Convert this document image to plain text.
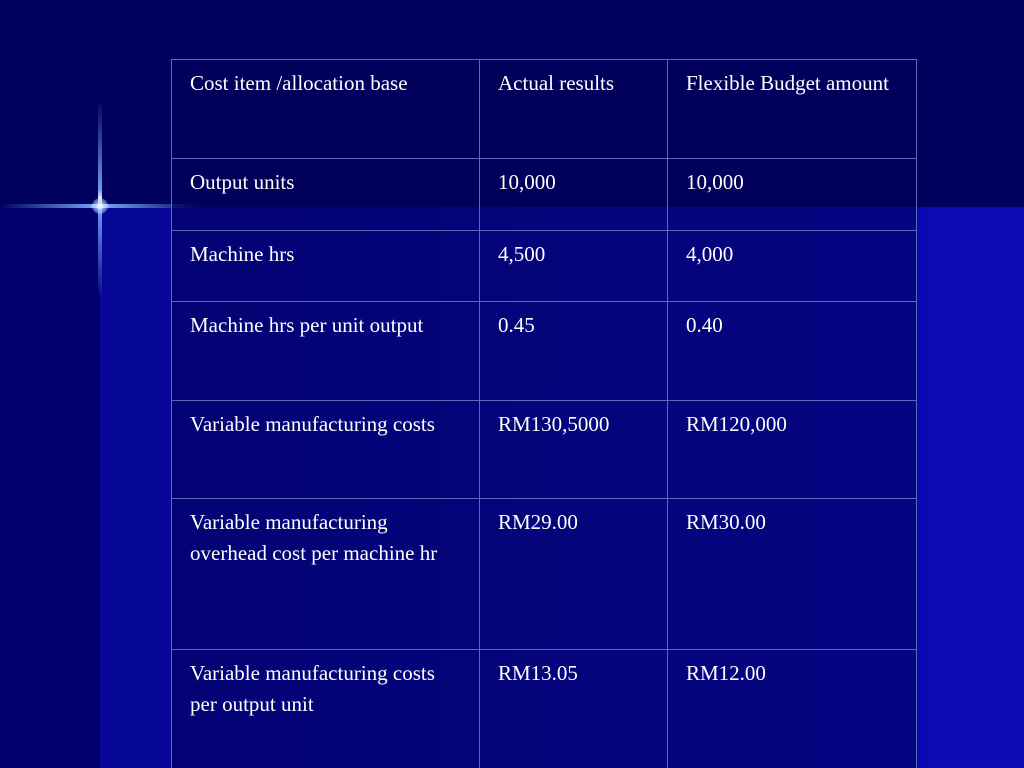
Cost item /allocation base	Actual results	Flexible Budget amount
Output units	10,000	10,000
Machine hrs	4,500	4,000
Machine hrs per unit output	0.45	0.40
Variable manufacturing costs	RM130,5000	RM120,000
Variable manufacturing overhead cost per machine hr	RM29.00	RM30.00
Variable manufacturing costs per output unit	RM13.05	RM12.00
